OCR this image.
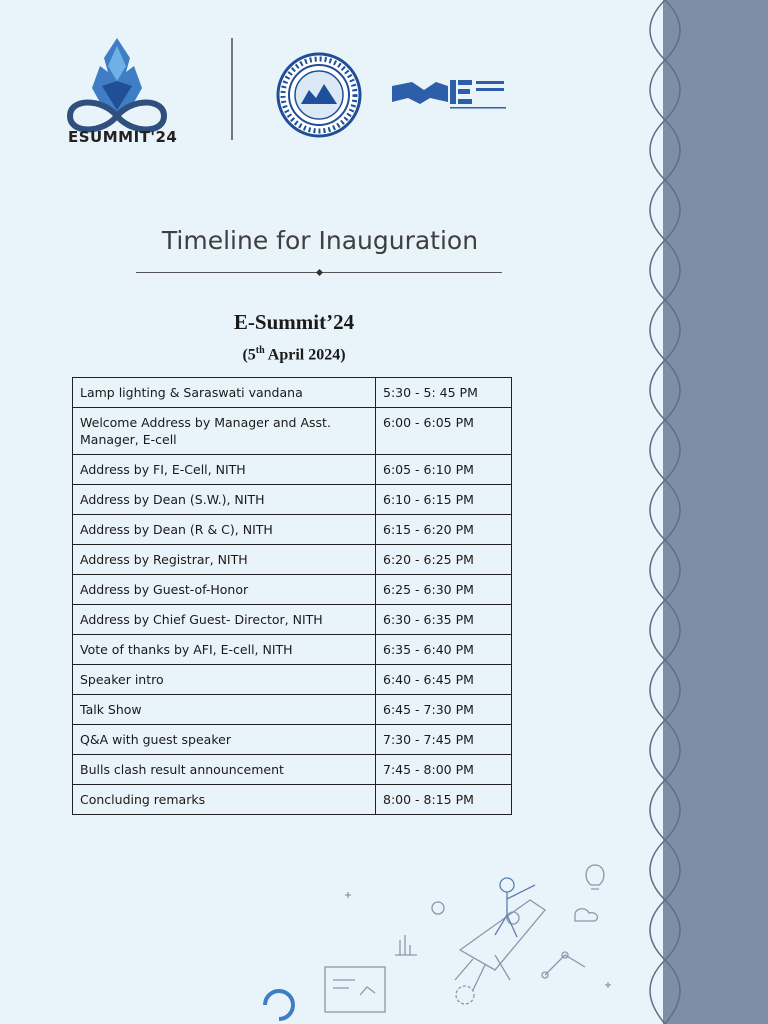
ESUMMIT'24
Timeline for Inauguration
E-Summit’24
(5th April 2024)
Lamp lighting & Saraswati vandana	5:30 - 5: 45 PM
Welcome Address by Manager and Asst. Manager, E-cell	6:00 - 6:05 PM
Address by FI, E-Cell, NITH	6:05 - 6:10 PM
Address by Dean (S.W.), NITH	6:10 - 6:15 PM
Address by Dean (R & C), NITH	6:15 - 6:20 PM
Address by Registrar, NITH	6:20 - 6:25 PM
Address by Guest-of-Honor	6:25 - 6:30 PM
Address by Chief Guest- Director, NITH	6:30 - 6:35 PM
Vote of thanks by AFI, E-cell, NITH	6:35 - 6:40 PM
Speaker intro	6:40 - 6:45 PM
Talk Show	6:45 - 7:30 PM
Q&A with guest speaker	7:30 - 7:45 PM
Bulls clash result announcement	7:45 - 8:00 PM
Concluding remarks	8:00 - 8:15 PM
